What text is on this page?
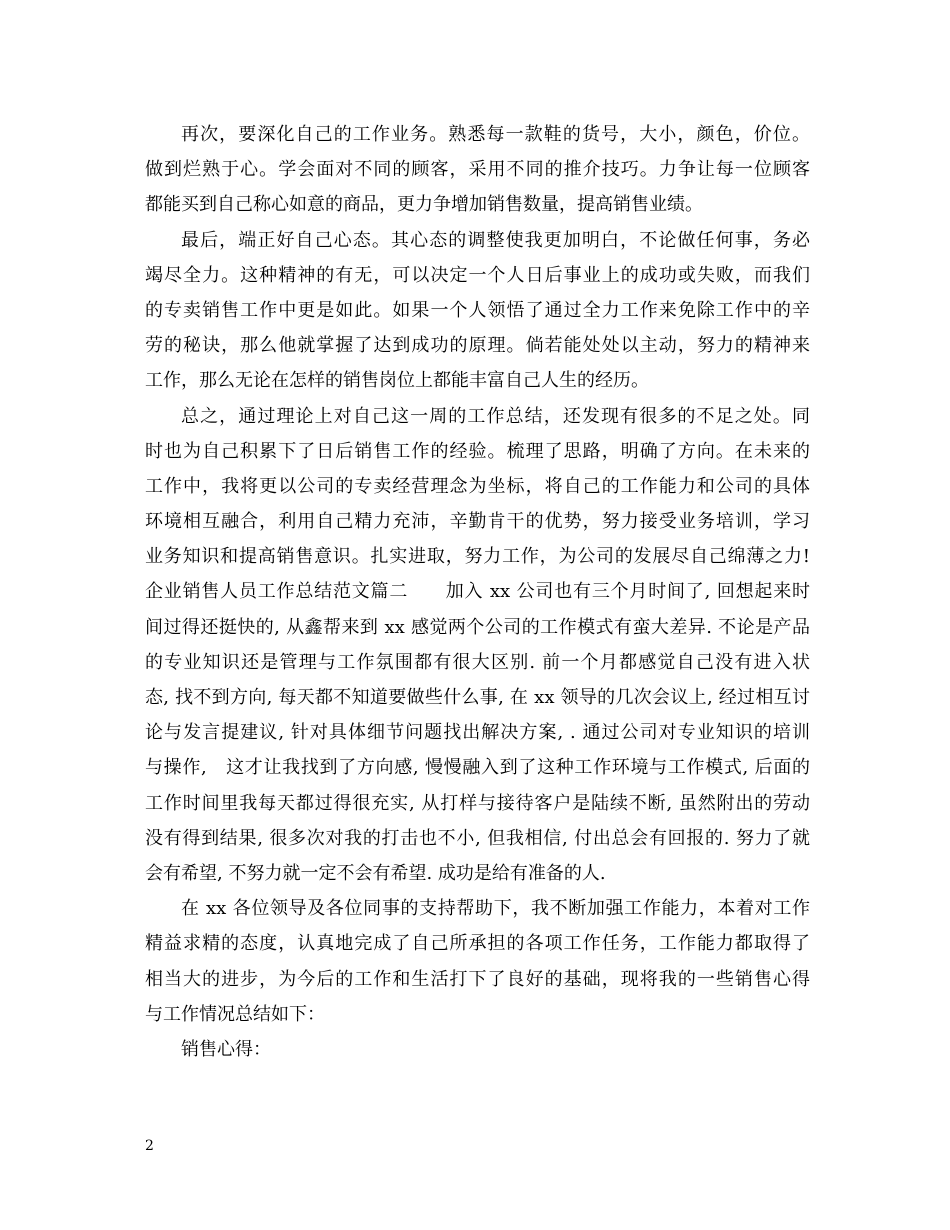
再次，要深化自己的工作业务。熟悉每一款鞋的货号，大小，颜色，价位。
做到烂熟于心。学会面对不同的顾客，采用不同的推介技巧。力争让每一位顾客
都能买到自己称心如意的商品，更力争增加销售数量，提高销售业绩。
最后，端正好自己心态。其心态的调整使我更加明白，不论做任何事，务必
竭尽全力。这种精神的有无，可以决定一个人日后事业上的成功或失败，而我们
的专卖销售工作中更是如此。如果一个人领悟了通过全力工作来免除工作中的辛
劳的秘诀，那么他就掌握了达到成功的原理。倘若能处处以主动，努力的精神来
工作，那么无论在怎样的销售岗位上都能丰富自己人生的经历。
总之，通过理论上对自己这一周的工作总结，还发现有很多的不足之处。同
时也为自己积累下了日后销售工作的经验。梳理了思路，明确了方向。在未来的
工作中，我将更以公司的专卖经营理念为坐标，将自己的工作能力和公司的具体
环境相互融合，利用自己精力充沛，辛勤肯干的优势，努力接受业务培训，学习
业务知识和提高销售意识。扎实进取，努力工作，为公司的发展尽自己绵薄之力!
企业销售人员工作总结范文篇二　　加入 xx 公司也有三个月时间了, 回想起来时
间过得还挺快的, 从鑫帮来到 xx 感觉两个公司的工作模式有蛮大差异. 不论是产品
的专业知识还是管理与工作氛围都有很大区别. 前一个月都感觉自己没有进入状
态, 找不到方向, 每天都不知道要做些什么事, 在 xx 领导的几次会议上, 经过相互讨
论与发言提建议, 针对具体细节问题找出解决方案, . 通过公司对专业知识的培训
与操作,　这才让我找到了方向感, 慢慢融入到了这种工作环境与工作模式, 后面的
工作时间里我每天都过得很充实, 从打样与接待客户是陆续不断, 虽然附出的劳动
没有得到结果, 很多次对我的打击也不小, 但我相信, 付出总会有回报的. 努力了就
会有希望, 不努力就一定不会有希望. 成功是给有准备的人.
在 xx 各位领导及各位同事的支持帮助下，我不断加强工作能力，本着对工作
精益求精的态度，认真地完成了自己所承担的各项工作任务，工作能力都取得了
相当大的进步，为今后的工作和生活打下了良好的基础，现将我的一些销售心得
与工作情况总结如下：
销售心得：
2
